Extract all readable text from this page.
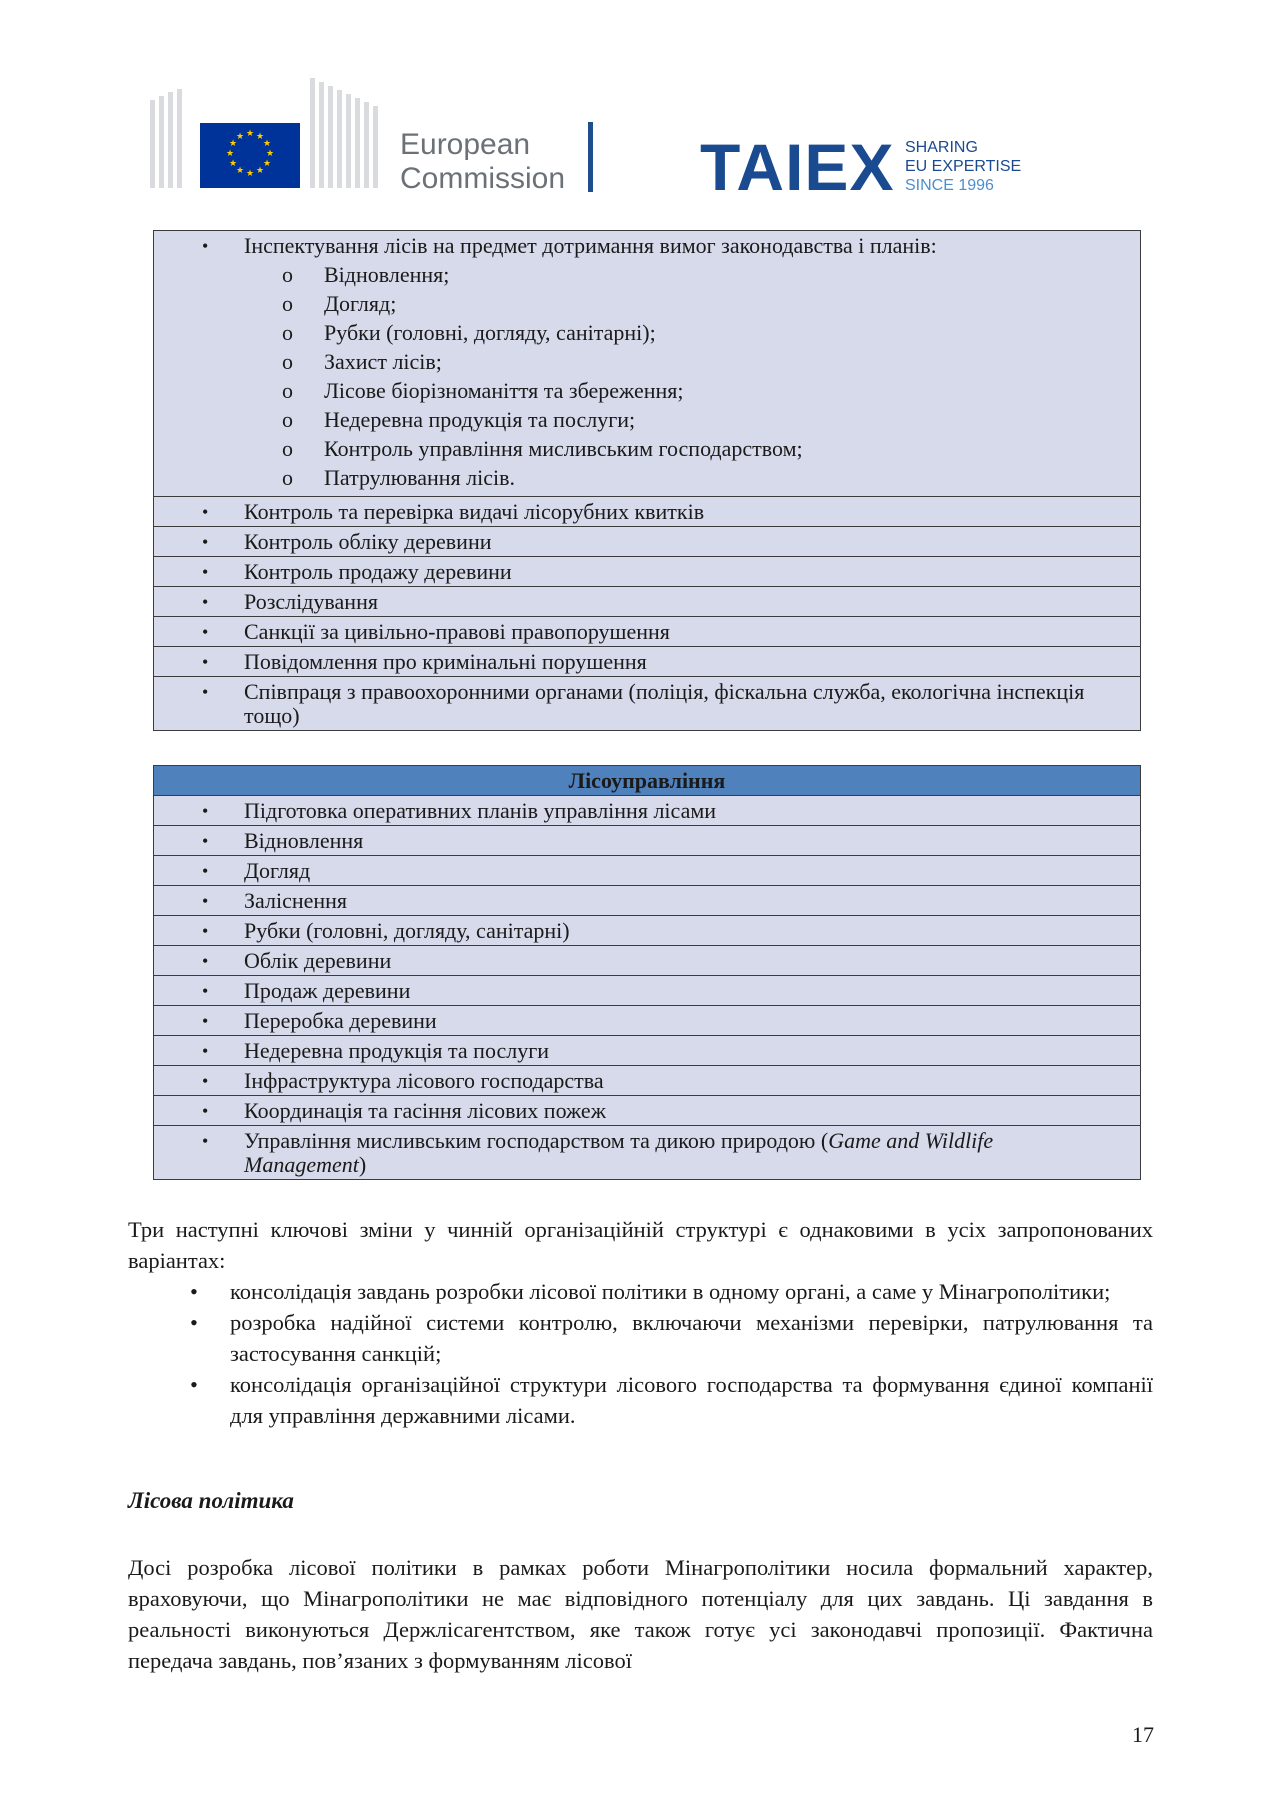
★ ★
★
★
★
★
★
★
★
★
★
★	European
Commission TAIEX SHARING
EU EXPERTISE
SINCE 1996
•	Інспектування лісів на предмет дотримання вимог законодавства і планів:
o	Відновлення;
o	Догляд;
o	Рубки (головні, догляду, санітарні);
o	Захист лісів;
o	Лісове біорізноманіття та збереження;
o	Недеревна продукція та послуги;
o	Контроль управління мисливським господарством;
o	Патрулювання лісів.

•	Контроль та перевірка видачі лісорубних квитків

•	Контроль обліку деревини

•	Контроль продажу деревини

•	Розслідування

•	Санкції за цивільно-правові правопорушення

•	Повідомлення про кримінальні порушення

•	Співпраця з правоохоронними органами (поліція, фіскальна служба, екологічна інспекція тощо)
Лісоуправління

•	Підготовка оперативних планів управління лісами

•	Відновлення

•	Догляд

•	Заліснення

•	Рубки (головні, догляду, санітарні)

•	Облік деревини

•	Продаж деревини

•	Переробка деревини

•	Недеревна продукція та послуги

•	Інфраструктура лісового господарства

•	Координація та гасіння лісових пожеж

•	Управління мисливським господарством та дикою природою (Game and Wildlife Management)
Три наступні ключові зміни у чинній організаційній структурі є однаковими в усіх запропонованих варіантах:
•	консолідація завдань розробки лісової політики в одному органі, а саме у Мінагрополітики;
•	розробка надійної системи контролю, включаючи механізми перевірки, патрулювання та застосування санкцій;
•	консолідація організаційної структури лісового господарства та формування єдиної компанії для управління державними лісами.
Лісова політика
Досі розробка лісової політики в рамках роботи Мінагрополітики носила формальний характер, враховуючи, що Мінагрополітики не має відповідного потенціалу для цих завдань. Ці завдання в реальності виконуються Держлісагентством, яке також готує усі законодавчі пропозиції. Фактична передача завдань, пов’язаних з формуванням лісової
17
